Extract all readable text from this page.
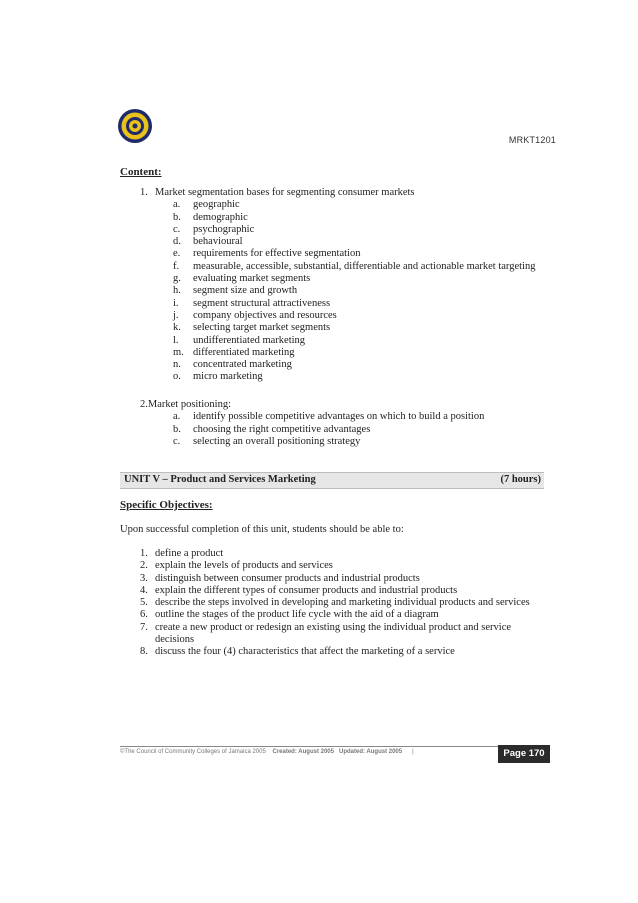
MRKT1201
Content:
1. Market segmentation bases for segmenting consumer markets
a. geographic
b. demographic
c. psychographic
d. behavioural
e. requirements for effective segmentation
f. measurable, accessible, substantial, differentiable and actionable market targeting
g. evaluating market segments
h. segment size and growth
i. segment structural attractiveness
j. company objectives and resources
k. selecting target market segments
l. undifferentiated marketing
m. differentiated marketing
n. concentrated marketing
o. micro marketing
2.Market positioning:
a. identify possible competitive advantages on which to build a position
b. choosing the right competitive advantages
c. selecting an overall positioning strategy
UNIT V – Product and Services Marketing	(7 hours)
Specific Objectives:
Upon successful completion of this unit, students should be able to:
1. define a product
2. explain the levels of products and services
3. distinguish between consumer products and industrial products
4. explain the different types of consumer products and industrial products
5. describe the steps involved in developing and marketing individual products and services
6. outline the stages of the product life cycle with the aid of a diagram
7. create a new product or redesign an existing using the individual product and service
decisions
8. discuss the four (4) characteristics that affect the marketing of a service
©The Council of Community Colleges of Jamaica 2005 Created: August 2005 Updated: August 2005 |	Page 170
